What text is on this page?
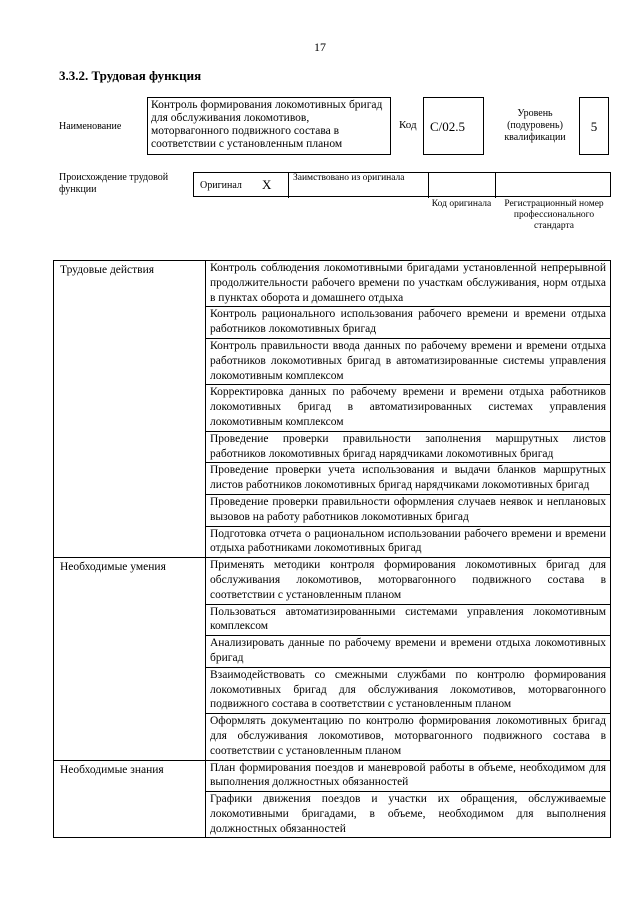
17
3.3.2. Трудовая функция
Наименование
Контроль формирования локомотивных бригад для обслуживания локомотивов, моторвагонного подвижного состава в соответствии с установленным планом
Код	С/02.5
Уровень (подуровень) квалификации
5
Происхождение трудовой функции	Оригинал X Заимствовано из оригинала
Код оригинала	Регистрационный номер профессионального стандарта
Трудовые действия	Контроль соблюдения локомотивными бригадами установленной непрерывной продолжительности рабочего времени по участкам обслуживания, норм отдыха в пунктах оборота и домашнего отдыха
	Контроль рационального использования рабочего времени и времени отдыха работников локомотивных бригад
	Контроль правильности ввода данных по рабочему времени и времени отдыха работников локомотивных бригад в автоматизированные системы управления локомотивным комплексом
	Корректировка данных по рабочему времени и времени отдыха работников локомотивных бригад в автоматизированных системах управления локомотивным комплексом
	Проведение проверки правильности заполнения маршрутных листов работников локомотивных бригад нарядчиками локомотивных бригад
	Проведение проверки учета использования и выдачи бланков маршрутных листов работников локомотивных бригад нарядчиками локомотивных бригад
	Проведение проверки правильности оформления случаев неявок и неплановых вызовов на работу работников локомотивных бригад
	Подготовка отчета о рациональном использовании рабочего времени и времени отдыха работниками локомотивных бригад
Необходимые умения	Применять методики контроля формирования локомотивных бригад для обслуживания локомотивов, моторвагонного подвижного состава в соответствии с установленным планом
	Пользоваться автоматизированными системами управления локомотивным комплексом
	Анализировать данные по рабочему времени и времени отдыха локомотивных бригад
	Взаимодействовать со смежными службами по контролю формирования локомотивных бригад для обслуживания локомотивов, моторвагонного подвижного состава в соответствии с установленным планом
	Оформлять документацию по контролю формирования локомотивных бригад для обслуживания локомотивов, моторвагонного подвижного состава в соответствии с установленным планом
Необходимые знания	План формирования поездов и маневровой работы в объеме, необходимом для выполнения должностных обязанностей
	Графики движения поездов и участки их обращения, обслуживаемые локомотивными бригадами, в объеме, необходимом для выполнения должностных обязанностей
